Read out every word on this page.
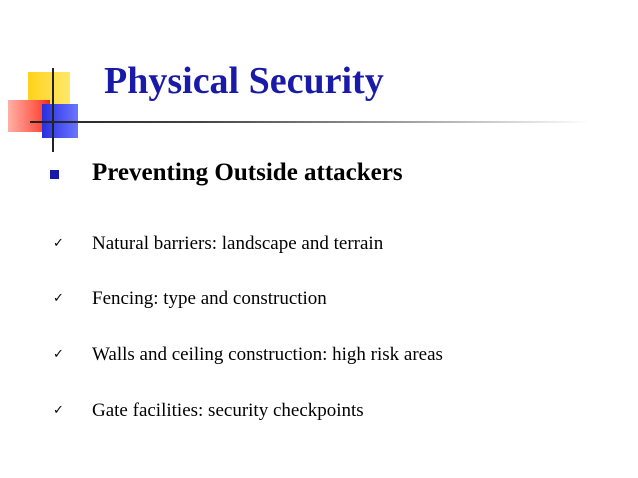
Physical Security
Preventing Outside attackers
✓ Natural barriers: landscape and terrain
✓ Fencing: type and construction
✓ Walls and ceiling construction: high risk areas
✓ Gate facilities: security checkpoints
